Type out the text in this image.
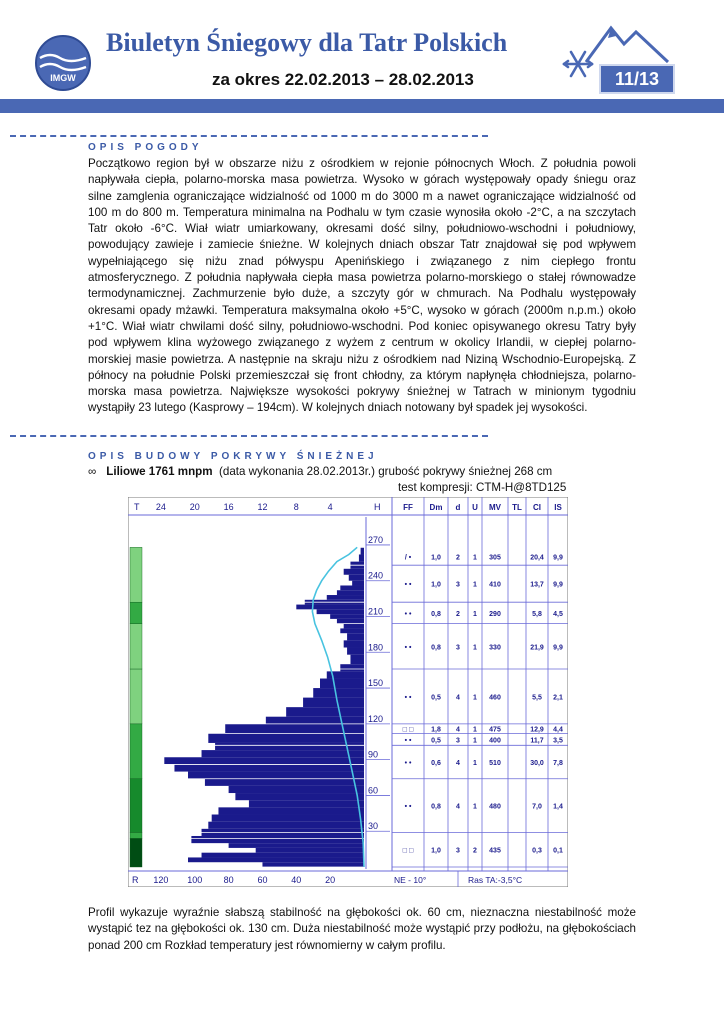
IMGW
Biuletyn Śniegowy dla Tatr Polskich
za okres 22.02.2013 – 28.02.2013	11/13
OPIS POGODY
Początkowo region był w obszarze niżu z ośrodkiem w rejonie północnych Włoch. Z południa powoli napływała ciepła, polarno-morska masa powietrza. Wysoko w górach występowały opady śniegu oraz silne zamglenia ograniczające widzialność od 1000 m do 3000 m a nawet ograniczające widzialność od 100 m do 800 m. Temperatura minimalna na Podhalu w tym czasie wynosiła około -2°C, a na szczytach Tatr około -6°C. Wiał wiatr umiarkowany, okresami dość silny, południowo-wschodni i południowy, powodujący zawieje i zamiecie śnieżne. W kolejnych dniach obszar Tatr znajdował się pod wpływem wypełniającego się niżu znad półwyspu Apenińskiego i związanego z nim ciepłego frontu atmosferycznego. Z południa napływała ciepła masa powietrza polarno-morskiego o stałej równowadze termodynamicznej. Zachmurzenie było duże, a szczyty gór w chmurach. Na Podhalu występowały okresami opady mżawki. Temperatura maksymalna około +5°C, wysoko w górach (2000m n.p.m.) około +1°C. Wiał wiatr chwilami dość silny, południowo-wschodni. Pod koniec opisywanego okresu Tatry były pod wpływem klina wyżowego związanego z wyżem z centrum w okolicy Irlandii, w ciepłej polarno-morskiej masie powietrza. A następnie na skraju niżu z ośrodkiem nad Niziną Wschodnio-Europejską. Z północy na południe Polski przemieszczał się front chłodny, za którym napłynęła chłodniejsza, polarno-morska masa powietrza. Największe wysokości pokrywy śnieżnej w Tatrach w minionym tygodniu wystąpiły 23 lutego (Kasprowy – 194cm). W kolejnych dniach notowany był spadek jej wysokości.
OPIS BUDOWY POKRYWY ŚNIEŻNEJ
∞ Liliowe 1761 mnpm (data wykonania 28.02.2013r.) grubość pokrywy śnieżnej 268 cm
test kompresji: CTM-H@8TD125
T
R
24	20	16	12	8	4
120 100 80	60	40	20
H
270
240
210
180
150
120
90
60
30
FF Dm d U MV TL CI IS
/ •	1,0 2 1 305	20,4 9,9
• •	1,0 3 1 410	13,7 9,9
• •	0,8 2 1 290	5,8 4,5
• •	0,8 3 1 330	21,9 9,9
• •	0,5 4 1 460	5,5 2,1
□ □	1,8 4 1 475	12,9 4,4
• •	0,5 3 1 400	11,7 3,5
• •	0,6 4 1 510	30,0 7,8
• •	0,8 4 1 480	7,0 1,4
□ □	1,0 3 2 435	0,3 0,1
NE - 10°	Ras TA:-3,5°C
Profil wykazuje wyraźnie słabszą stabilność na głębokości ok. 60 cm, nieznaczna niestabilność może wystąpić tez na głębokości ok. 130 cm. Duża niestabilność może wystąpić przy podłożu, na głębokościach ponad 200 cm Rozkład temperatury jest równomierny w całym profilu.
